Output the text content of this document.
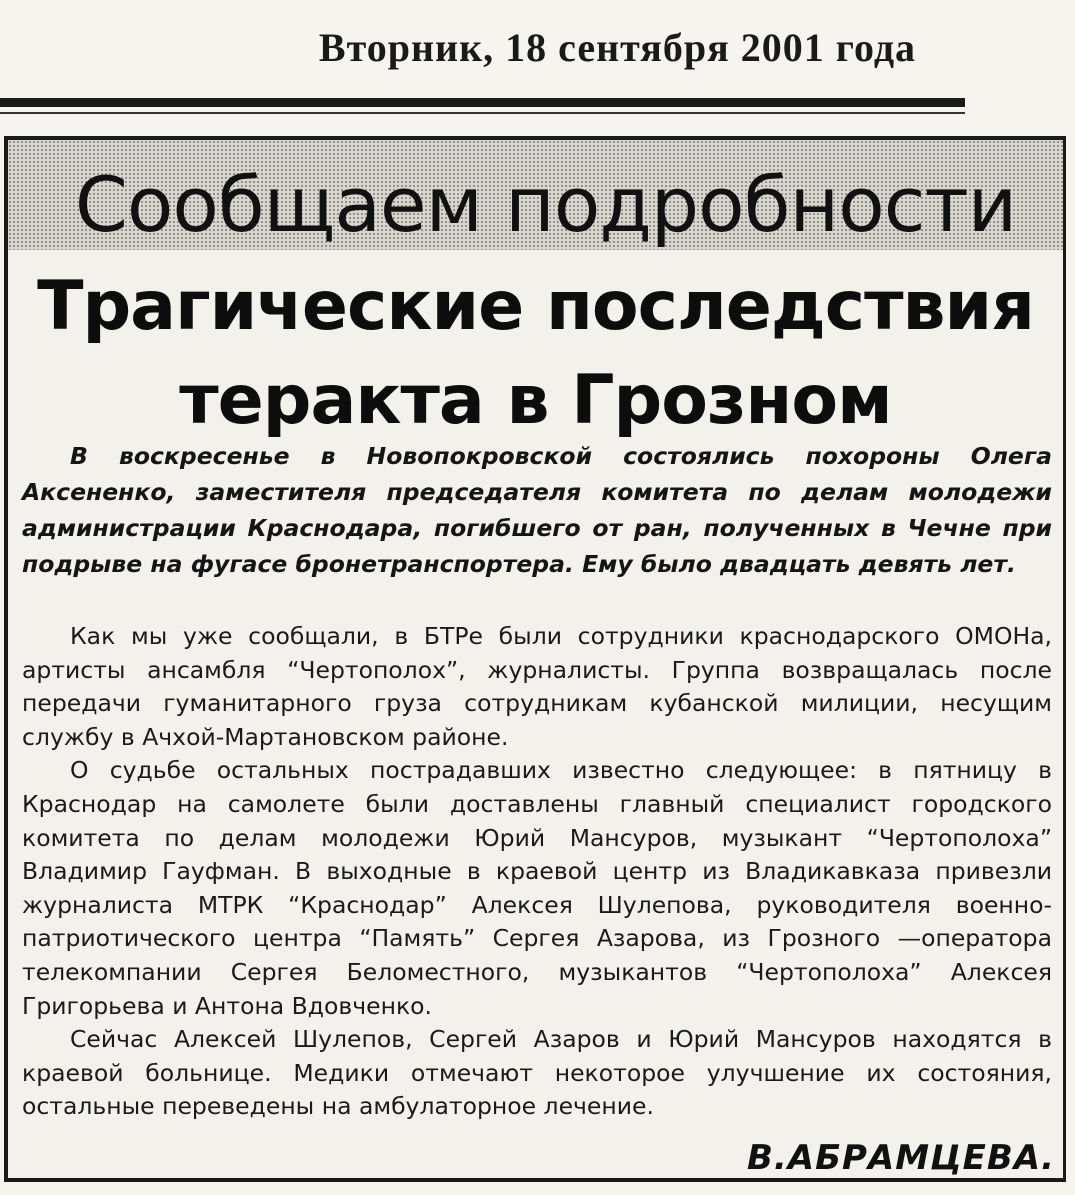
Вторник, 18 сентября 2001 года
Сообщаем подробности
Трагические последствия
теракта в Грозном

В воскресенье в Новопокровской состоялись похороны Олега Аксененко, заместителя председателя комитета по делам молодежи администрации Краснодара, погибшего от ран, полученных в Чечне при подрыве на фугасе бронетранспортера. Ему было двадцать девять лет.

Как мы уже сообщали, в БТРе были сотрудники краснодарского ОМОНа, артисты ансамбля “Чертополох”, журналисты. Группа возвращалась после передачи гуманитарного груза сотрудникам кубанской милиции, несущим службу в Ачхой-Мартановском районе.

О судьбе остальных пострадавших известно следующее: в пятницу в Краснодар на самолете были доставлены главный специалист городского комитета по делам молодежи Юрий Мансуров, музыкант “Чертополоха” Владимир Гауфман. В выходные в краевой центр из Владикавказа привезли журналиста МТРК “Краснодар” Алексея Шулепова, руководителя военно-патриотического центра “Память” Сергея Азарова, из Грозного —оператора телекомпании Сергея Беломестного, музыкантов “Чертополоха” Алексея Григорьева и Антона Вдовченко.

Сейчас Алексей Шулепов, Сергей Азаров и Юрий Мансуров находятся в краевой больнице. Медики отмечают некоторое улучшение их состояния, остальные переведены на амбулаторное лечение.

В.АБРАМЦЕВА.
